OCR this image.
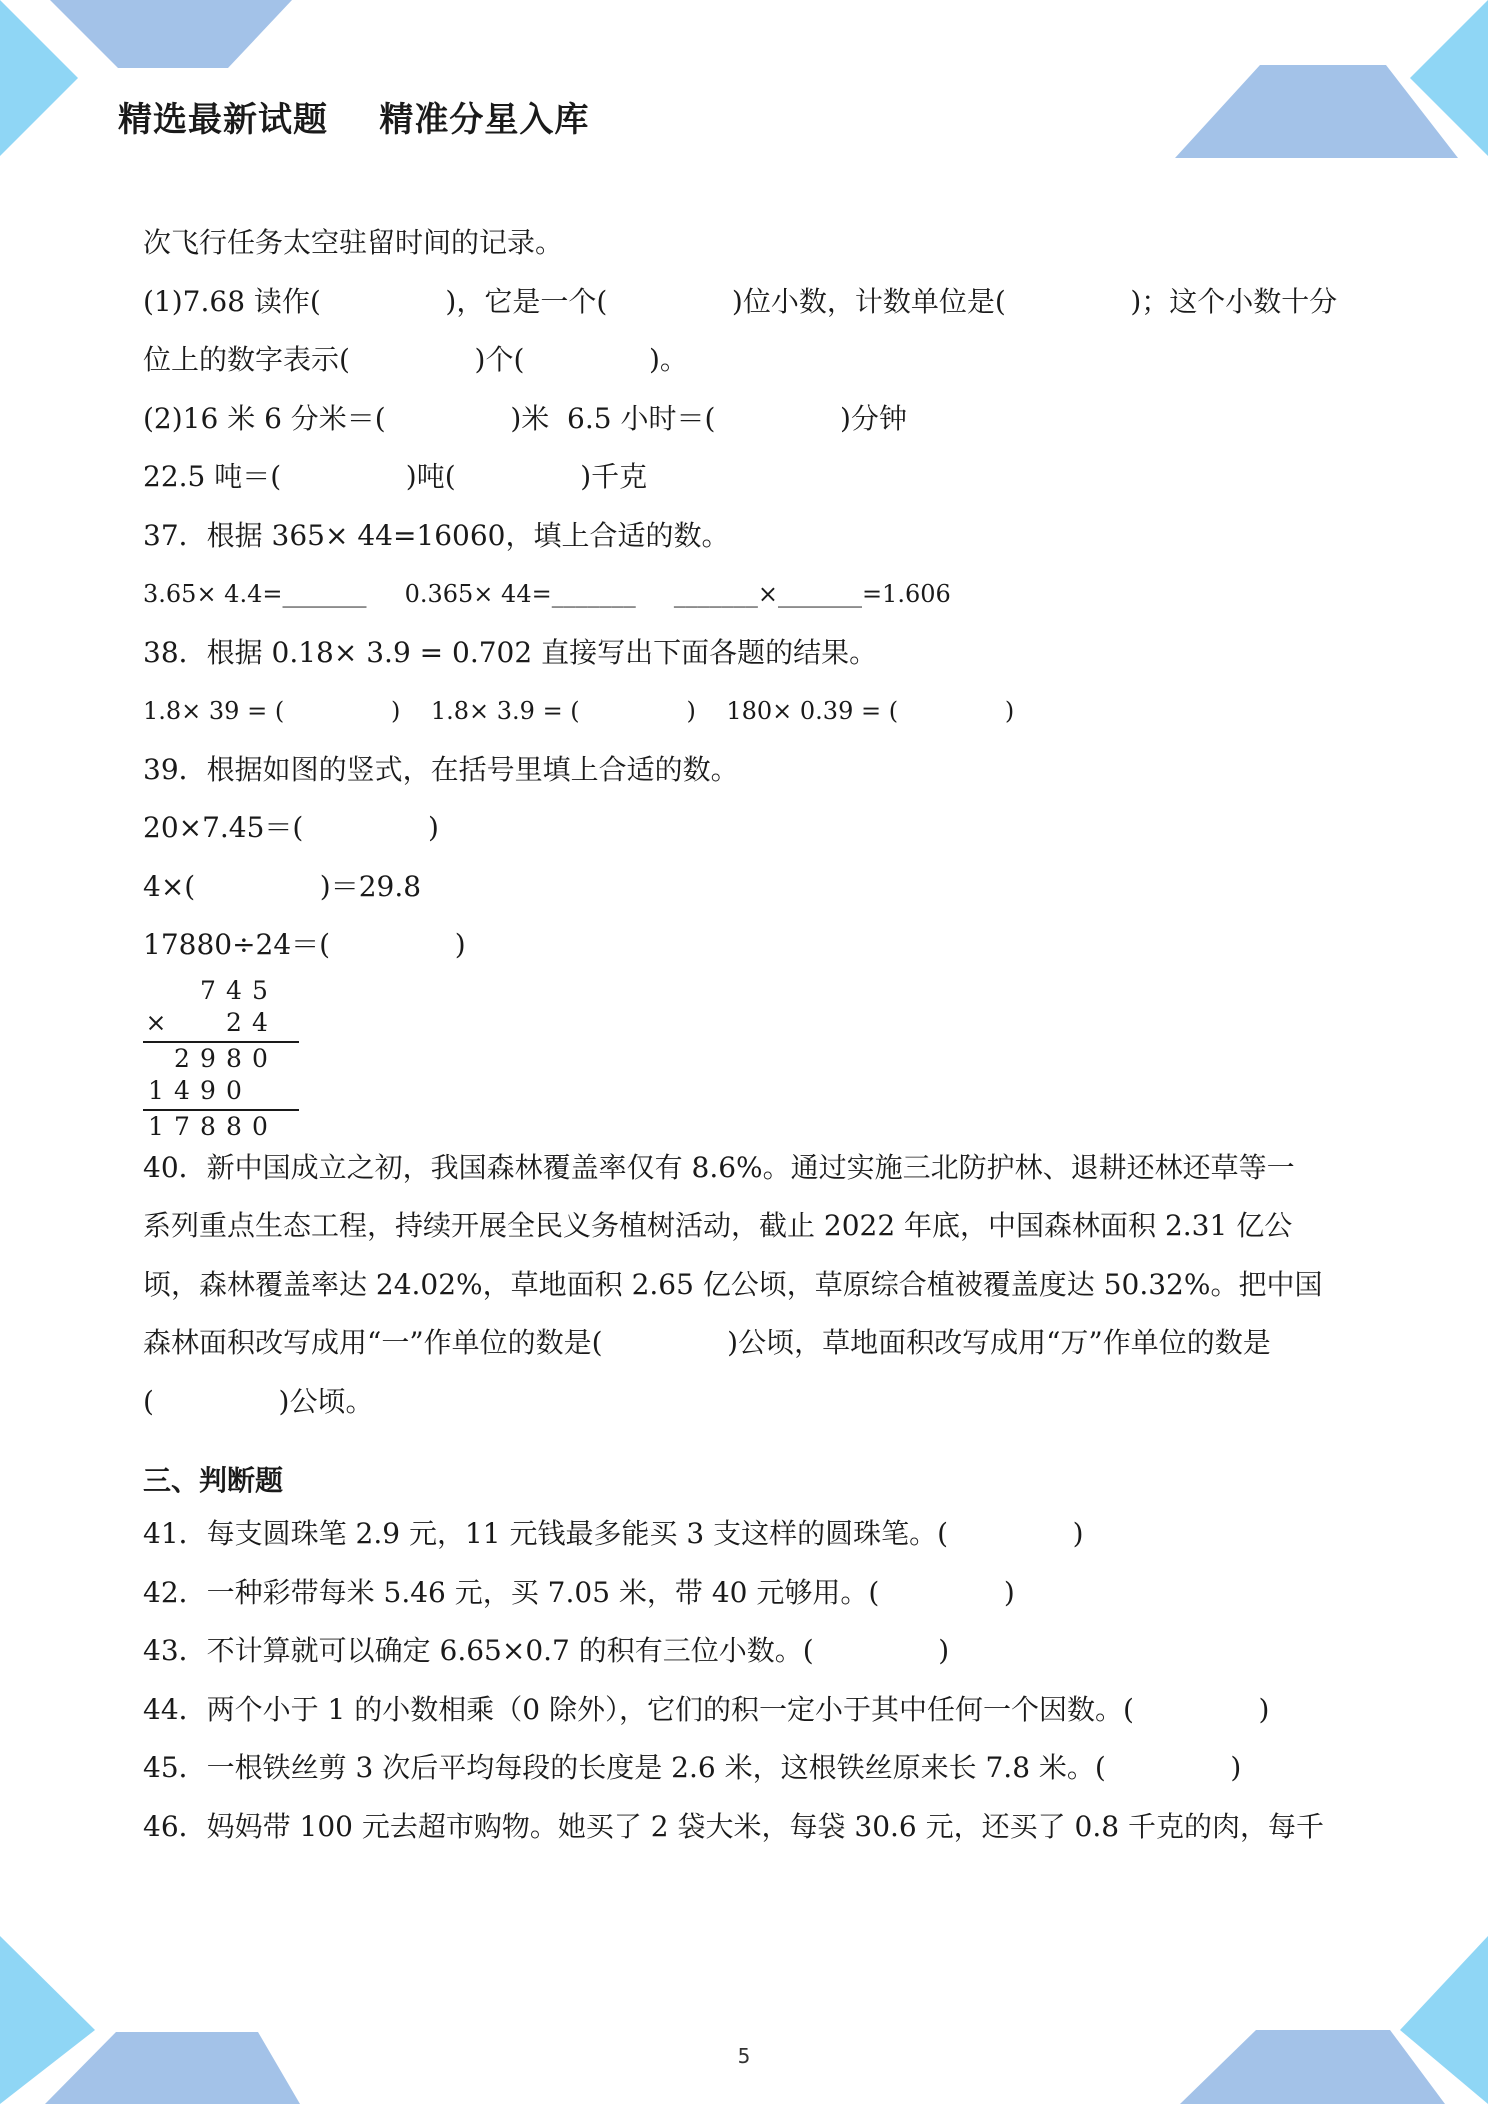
精选最新试题    精准分星入库
次飞行任务太空驻留时间的记录。
(1)7.68 读作(              )，它是一个(              )位小数，计数单位是(              )；这个小数十分
位上的数字表示(              )个(              )。
(2)16 米 6 分米＝(              )米  6.5 小时＝(              )分钟
22.5 吨＝(              )吨(              )千克
37．根据 365× 44=16060，填上合适的数。
3.65× 4.4=_______     0.365× 44=_______     _______×_______=1.606
38．根据 0.18× 3.9 = 0.702 直接写出下面各题的结果。
1.8× 39 = (              )    1.8× 3.9 = (              )    180× 0.39 = (              )
39．根据如图的竖式，在括号里填上合适的数。
20×7.45＝(              )
4×(              )＝29.8
17880÷24＝(              )
7 4 5
× 2 4
2 9 8 0
1 4 9 0
1 7 8 8 0
40．新中国成立之初，我国森林覆盖率仅有 8.6%。通过实施三北防护林、退耕还林还草等一
系列重点生态工程，持续开展全民义务植树活动，截止 2022 年底，中国森林面积 2.31 亿公
顷，森林覆盖率达 24.02%，草地面积 2.65 亿公顷，草原综合植被覆盖度达 50.32%。把中国
森林面积改写成用“一”作单位的数是(              )公顷，草地面积改写成用“万”作单位的数是
(              )公顷。
三、判断题
41．每支圆珠笔 2.9 元，11 元钱最多能买 3 支这样的圆珠笔。(              )
42．一种彩带每米 5.46 元，买 7.05 米，带 40 元够用。(              )
43．不计算就可以确定 6.65×0.7 的积有三位小数。(              )
44．两个小于 1 的小数相乘（0 除外），它们的积一定小于其中任何一个因数。(              )
45．一根铁丝剪 3 次后平均每段的长度是 2.6 米，这根铁丝原来长 7.8 米。(              )
46．妈妈带 100 元去超市购物。她买了 2 袋大米，每袋 30.6 元，还买了 0.8 千克的肉，每千
5
